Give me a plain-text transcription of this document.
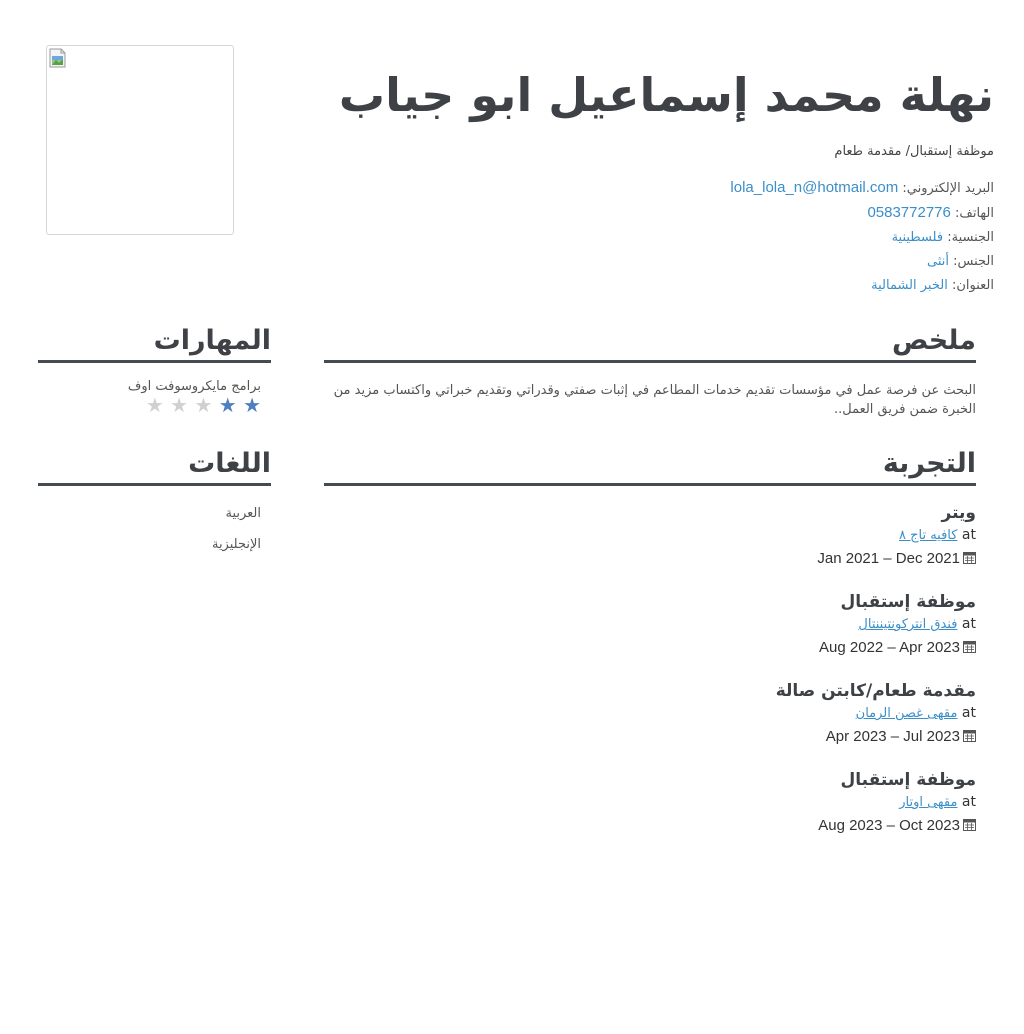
نهلة محمد إسماعيل ابو جياب
موظفة إستقبال/ مقدمة طعام
البريد الإلكتروني: lola_lola_n@hotmail.com
الهاتف: 0583772776
الجنسية: فلسطينية
الجنس: أنثى
العنوان: الخبر الشمالية
ملخص
البحث عن فرصة عمل في مؤسسات تقديم خدمات المطاعم في إثبات صفتي وقدراتي وتقديم خبراتي واكتساب مزيد من الخبرة ضمن فريق العمل..
المهارات
برامج مايكروسوفت اوف
★ ★ ★ ★ ★
اللغات
العربية
الإنجليزية
التجربة
ويتر
at كافيه تاج ٨
Jan 2021 – Dec 2021
موظفة إستقبال
at فندق انتركونتيننتال
Aug 2022 – Apr 2023
مقدمة طعام/كابتن صالة
at مقهى غصن الرمان
Apr 2023 – Jul 2023
موظفة إستقبال
at مقهى اوتار
Aug 2023 – Oct 2023
